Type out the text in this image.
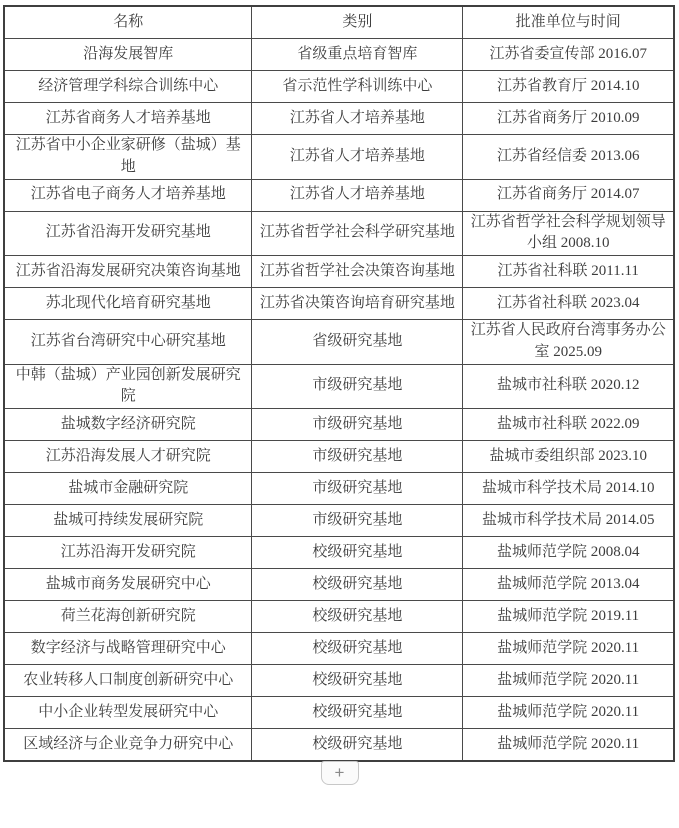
名称	类别	批准单位与时间
沿海发展智库	省级重点培育智库	江苏省委宣传部 2016.07
经济管理学科综合训练中心	省示范性学科训练中心	江苏省教育厅 2014.10
江苏省商务人才培养基地	江苏省人才培养基地	江苏省商务厅 2010.09
江苏省中小企业家研修（盐城）基地	江苏省人才培养基地	江苏省经信委 2013.06
江苏省电子商务人才培养基地	江苏省人才培养基地	江苏省商务厅 2014.07
江苏省沿海开发研究基地	江苏省哲学社会科学研究基地	江苏省哲学社会科学规划领导小组 2008.10
江苏省沿海发展研究决策咨询基地	江苏省哲学社会决策咨询基地	江苏省社科联 2011.11
苏北现代化培育研究基地	江苏省决策咨询培育研究基地	江苏省社科联 2023.04
江苏省台湾研究中心研究基地	省级研究基地	江苏省人民政府台湾事务办公室 2025.09
中韩（盐城）产业园创新发展研究院	市级研究基地	盐城市社科联 2020.12
盐城数字经济研究院	市级研究基地	盐城市社科联 2022.09
江苏沿海发展人才研究院	市级研究基地	盐城市委组织部 2023.10
盐城市金融研究院	市级研究基地	盐城市科学技术局 2014.10
盐城可持续发展研究院	市级研究基地	盐城市科学技术局 2014.05
江苏沿海开发研究院	校级研究基地	盐城师范学院 2008.04
盐城市商务发展研究中心	校级研究基地	盐城师范学院 2013.04
荷兰花海创新研究院	校级研究基地	盐城师范学院 2019.11
数字经济与战略管理研究中心	校级研究基地	盐城师范学院 2020.11
农业转移人口制度创新研究中心	校级研究基地	盐城师范学院 2020.11
中小企业转型发展研究中心	校级研究基地	盐城师范学院 2020.11
区域经济与企业竞争力研究中心	校级研究基地	盐城师范学院 2020.11
+
